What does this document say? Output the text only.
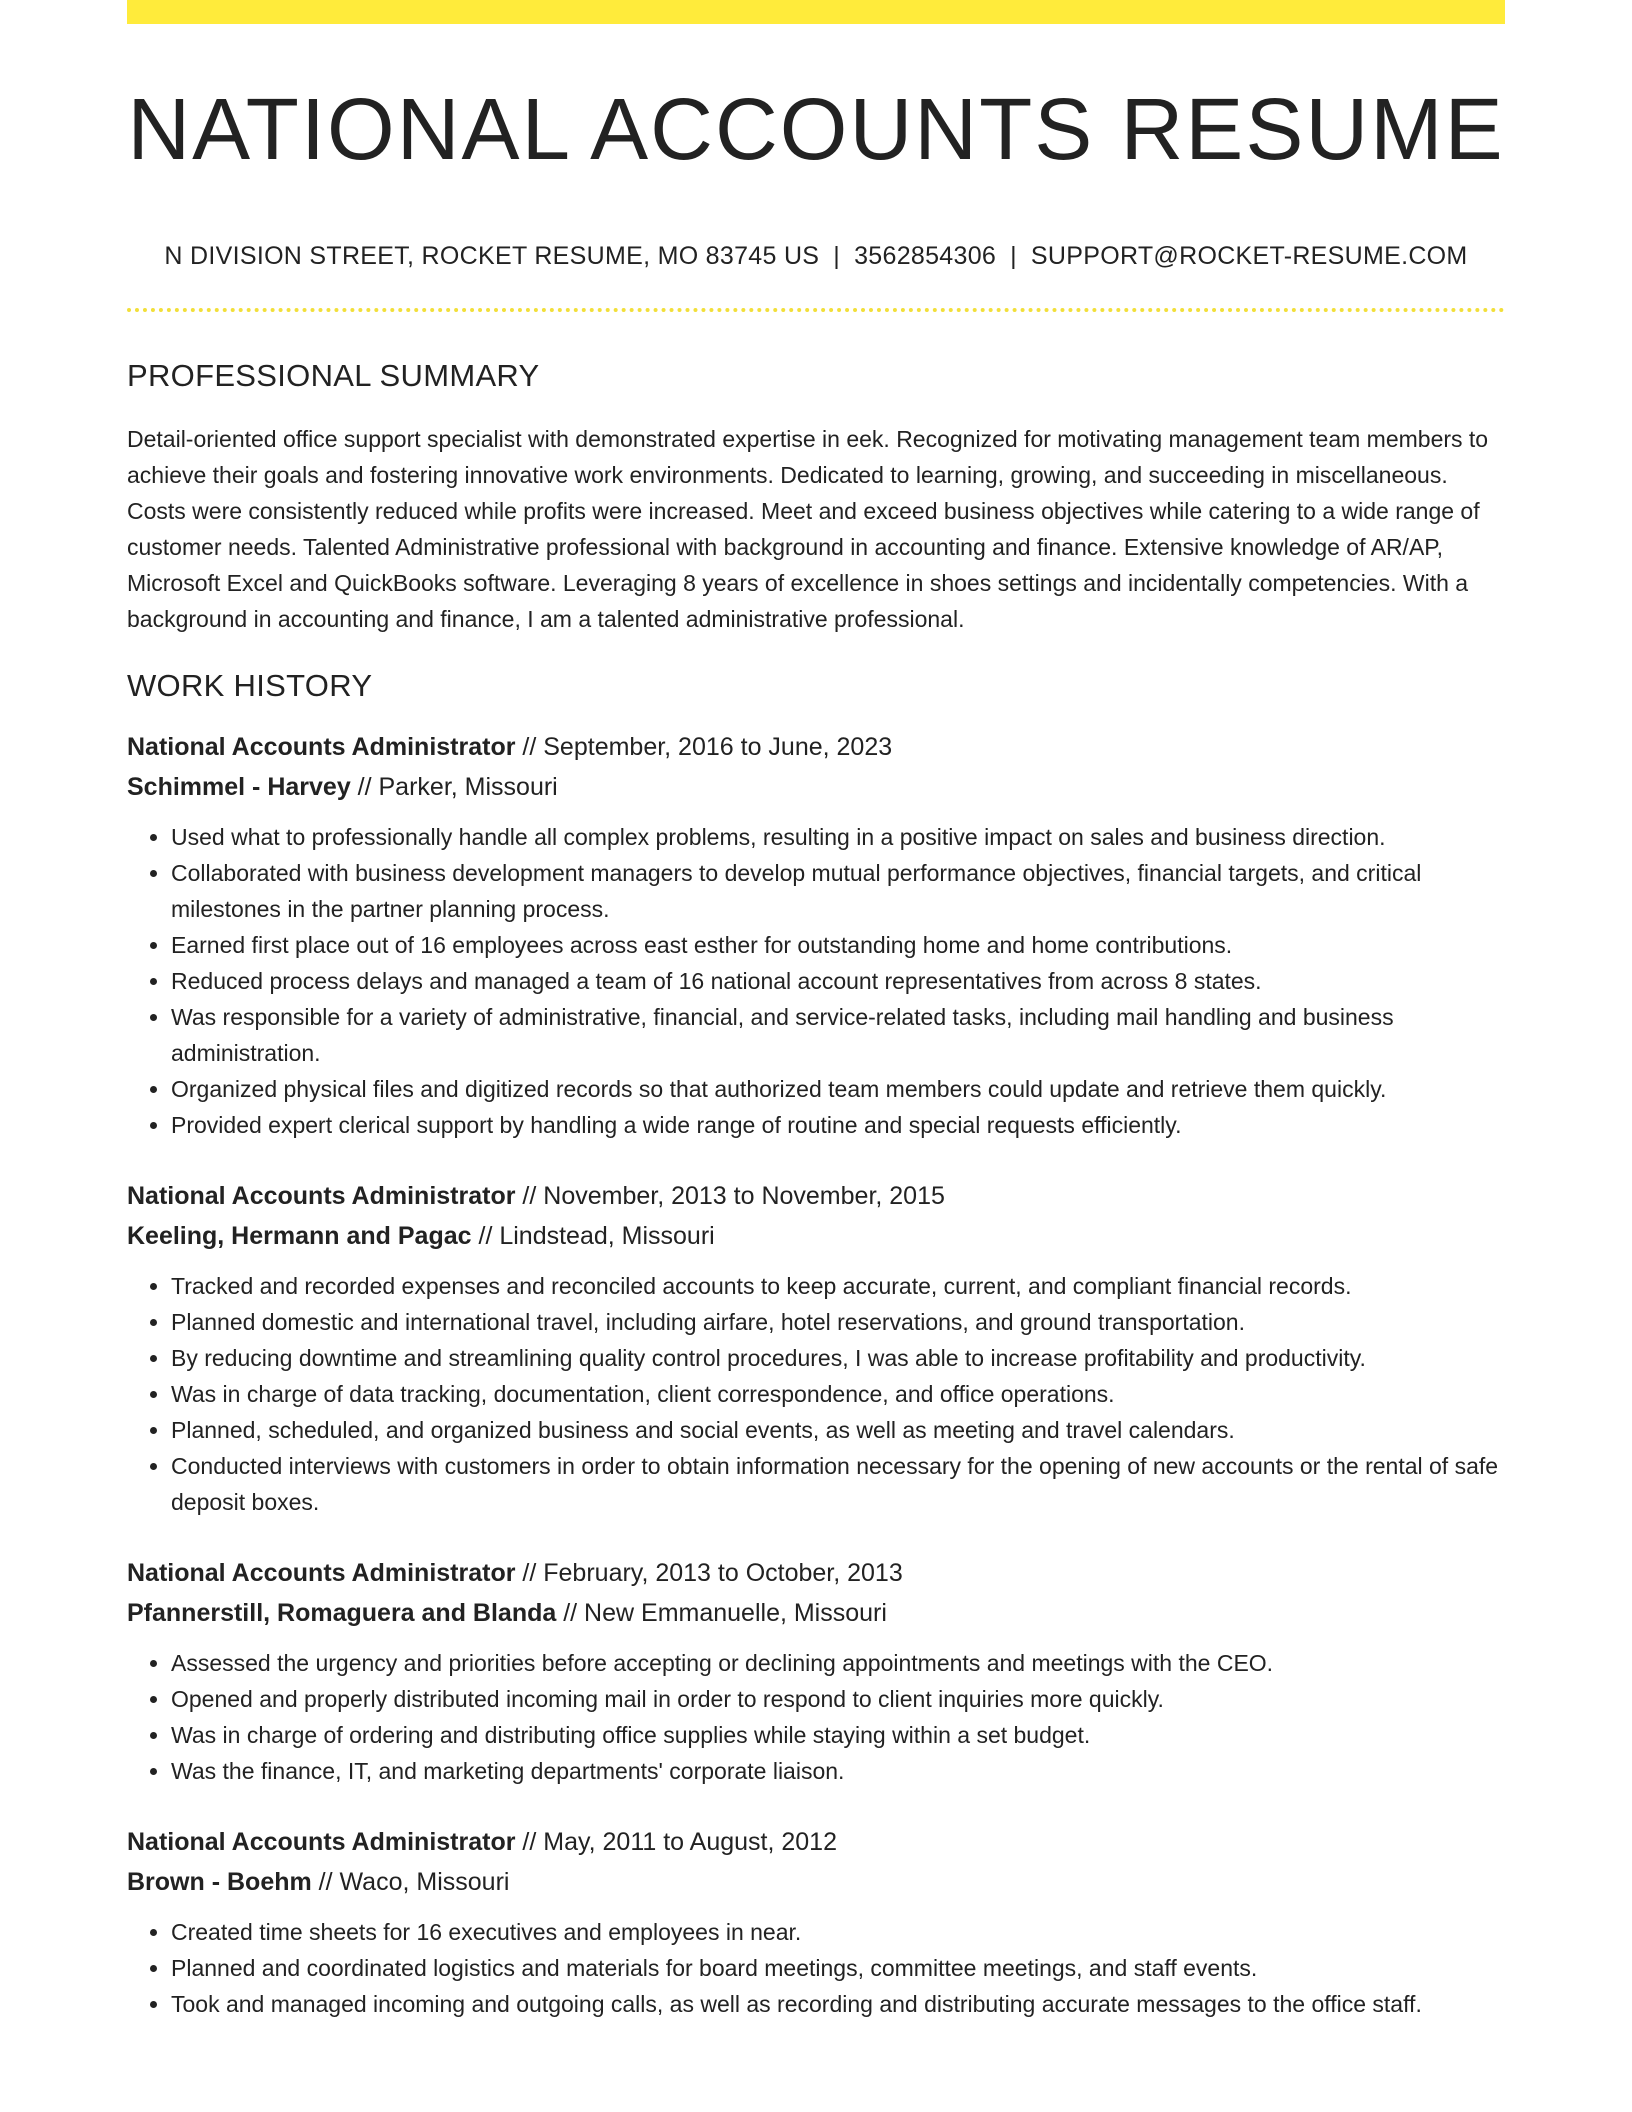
NATIONAL ACCOUNTS RESUME
N DIVISION STREET, ROCKET RESUME, MO 83745 US | 3562854306 | SUPPORT@ROCKET-RESUME.COM
PROFESSIONAL SUMMARY

Detail-oriented office support specialist with demonstrated expertise in eek. Recognized for motivating management team members to achieve their goals and fostering innovative work environments. Dedicated to learning, growing, and succeeding in miscellaneous. Costs were consistently reduced while profits were increased. Meet and exceed business objectives while catering to a wide range of customer needs. Talented Administrative professional with background in accounting and finance. Extensive knowledge of AR/AP, Microsoft Excel and QuickBooks software. Leveraging 8 years of excellence in shoes settings and incidentally competencies. With a background in accounting and finance, I am a talented administrative professional.

WORK HISTORY
National Accounts Administrator // September, 2016 to June, 2023
Schimmel - Harvey // Parker, Missouri
• Used what to professionally handle all complex problems, resulting in a positive impact on sales and business direction.
• Collaborated with business development managers to develop mutual performance objectives, financial targets, and critical milestones in the partner planning process.
• Earned first place out of 16 employees across east esther for outstanding home and home contributions.
• Reduced process delays and managed a team of 16 national account representatives from across 8 states.
• Was responsible for a variety of administrative, financial, and service-related tasks, including mail handling and business administration.
• Organized physical files and digitized records so that authorized team members could update and retrieve them quickly.
• Provided expert clerical support by handling a wide range of routine and special requests efficiently.
National Accounts Administrator // November, 2013 to November, 2015
Keeling, Hermann and Pagac // Lindstead, Missouri
• Tracked and recorded expenses and reconciled accounts to keep accurate, current, and compliant financial records.
• Planned domestic and international travel, including airfare, hotel reservations, and ground transportation.
• By reducing downtime and streamlining quality control procedures, I was able to increase profitability and productivity.
• Was in charge of data tracking, documentation, client correspondence, and office operations.
• Planned, scheduled, and organized business and social events, as well as meeting and travel calendars.
• Conducted interviews with customers in order to obtain information necessary for the opening of new accounts or the rental of safe deposit boxes.
National Accounts Administrator // February, 2013 to October, 2013
Pfannerstill, Romaguera and Blanda // New Emmanuelle, Missouri
• Assessed the urgency and priorities before accepting or declining appointments and meetings with the CEO.
• Opened and properly distributed incoming mail in order to respond to client inquiries more quickly.
• Was in charge of ordering and distributing office supplies while staying within a set budget.
• Was the finance, IT, and marketing departments' corporate liaison.
National Accounts Administrator // May, 2011 to August, 2012
Brown - Boehm // Waco, Missouri
• Created time sheets for 16 executives and employees in near.
• Planned and coordinated logistics and materials for board meetings, committee meetings, and staff events.
• Took and managed incoming and outgoing calls, as well as recording and distributing accurate messages to the office staff.
